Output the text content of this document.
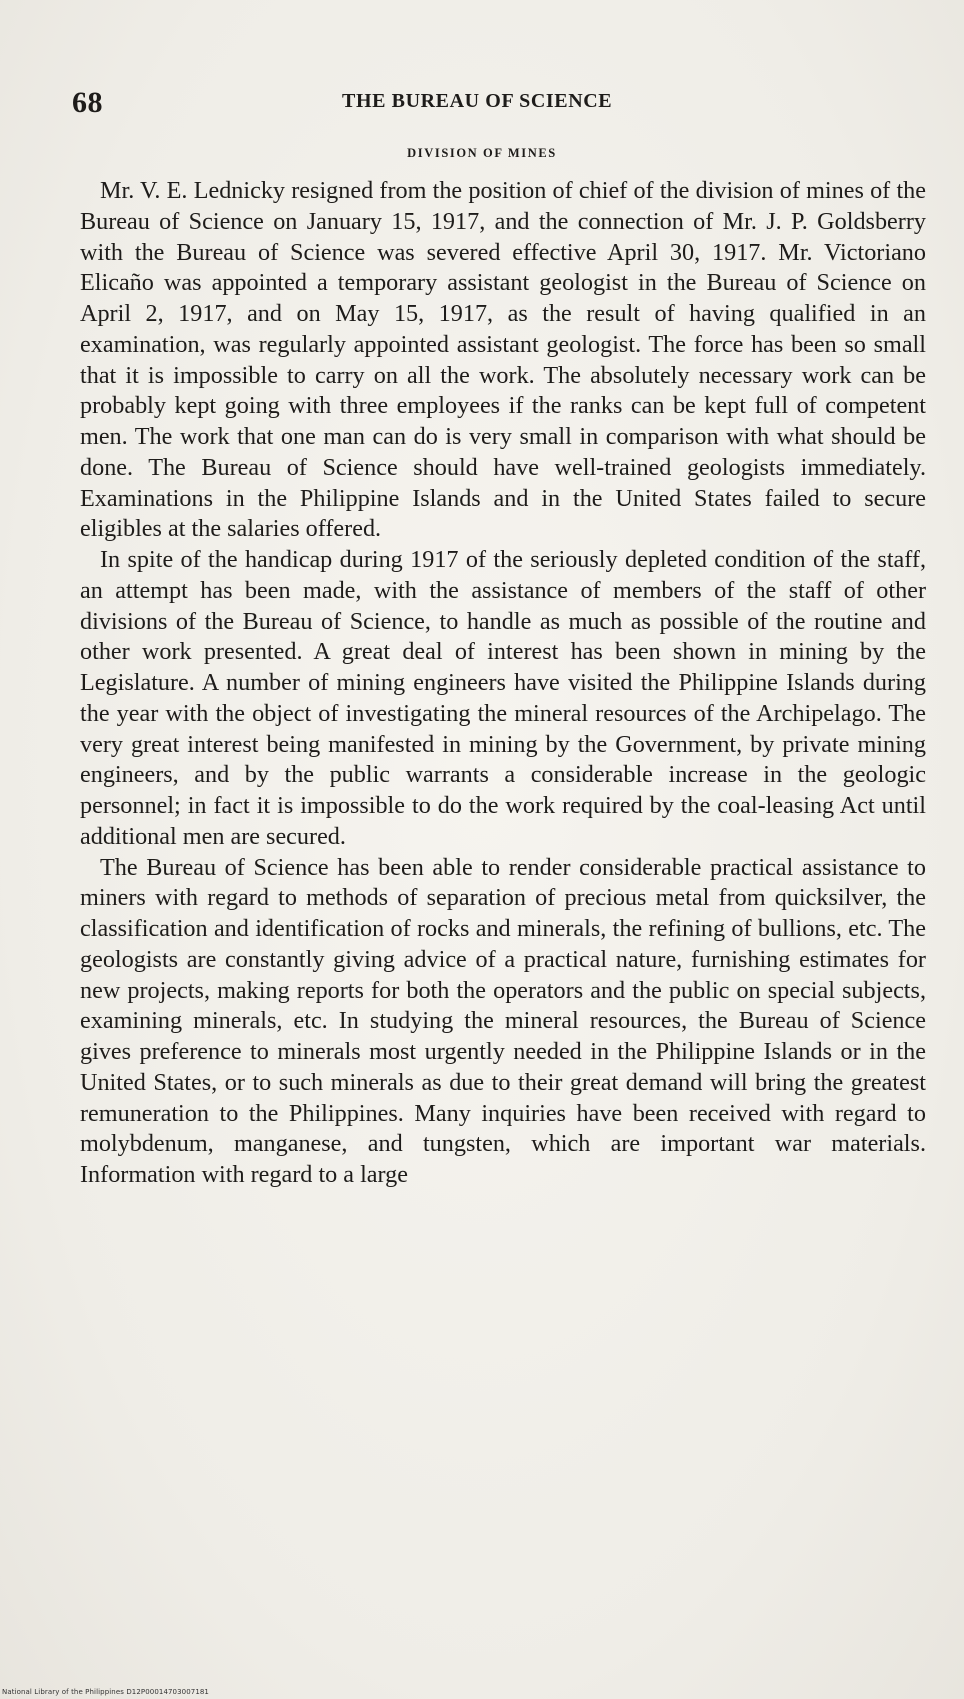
68	THE BUREAU OF SCIENCE
DIVISION OF MINES

Mr. V. E. Lednicky resigned from the position of chief of the division of mines of the Bureau of Science on January 15, 1917, and the connection of Mr. J. P. Goldsberry with the Bureau of Science was severed effective April 30, 1917. Mr. Victoriano Elicaño was appointed a temporary assistant geologist in the Bureau of Science on April 2, 1917, and on May 15, 1917, as the result of having qualified in an examination, was regularly appointed assistant geologist. The force has been so small that it is impossible to carry on all the work. The absolutely necessary work can be probably kept going with three employees if the ranks can be kept full of competent men. The work that one man can do is very small in comparison with what should be done. The Bureau of Science should have well-trained geologists immediately. Examinations in the Philippine Islands and in the United States failed to secure eligibles at the salaries offered.

In spite of the handicap during 1917 of the seriously depleted condition of the staff, an attempt has been made, with the assistance of members of the staff of other divisions of the Bureau of Science, to handle as much as possible of the routine and other work presented. A great deal of interest has been shown in mining by the Legislature. A number of mining engineers have visited the Philippine Islands during the year with the object of investigating the mineral resources of the Archipelago. The very great interest being manifested in mining by the Government, by private mining engineers, and by the public warrants a considerable increase in the geologic personnel; in fact it is impossible to do the work required by the coal-leasing Act until additional men are secured.

The Bureau of Science has been able to render considerable practical assistance to miners with regard to methods of separation of precious metal from quicksilver, the classification and identification of rocks and minerals, the refining of bullions, etc. The geologists are constantly giving advice of a practical nature, furnishing estimates for new projects, making reports for both the operators and the public on special subjects, examining minerals, etc. In studying the mineral resources, the Bureau of Science gives preference to minerals most urgently needed in the Philippine Islands or in the United States, or to such minerals as due to their great demand will bring the greatest remuneration to the Philippines. Many inquiries have been received with regard to molybdenum, manganese, and tungsten, which are important war materials. Information with regard to a large

National Library of the Philippines D12P00014703007181
